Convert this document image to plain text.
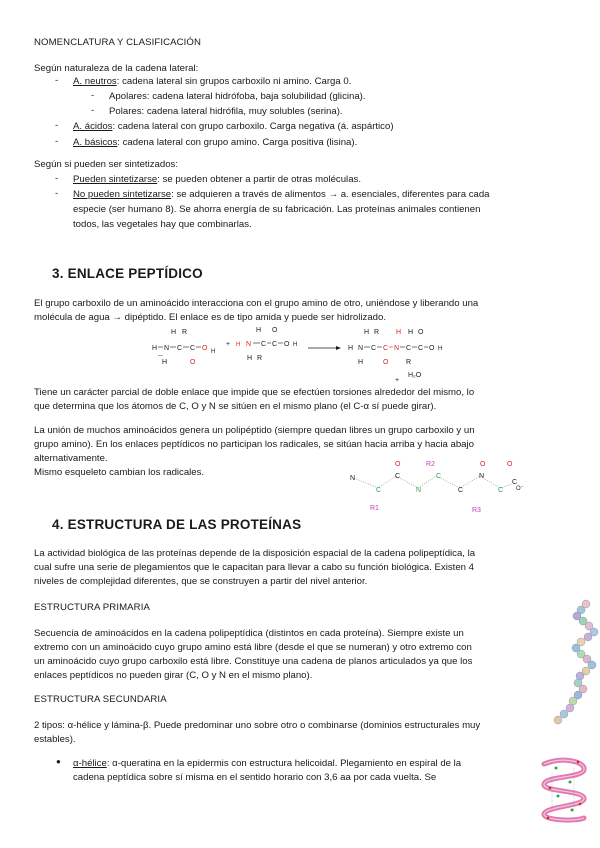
NOMENCLATURA Y CLASIFICACIÓN

Según naturaleza de la cadena lateral:

- A. neutros: cadena lateral sin grupos carboxilo ni amino. Carga 0.

- Apolares: cadena lateral hidrófoba, baja solubilidad (glicina).

- Polares: cadena lateral hidrófila, muy solubles (serina).

- A. ácidos: cadena lateral con grupo carboxilo. Carga negativa (á. aspártico)

- A. básicos: cadena lateral con grupo amino. Carga positiva (lisina).

Según si pueden ser sintetizados:

- Pueden sintetizarse: se pueden obtener a partir de otras moléculas.

- No pueden sintetizarse: se adquieren a través de alimentos → a. esenciales, diferentes para cada

especie (ser humano 8). Se ahorra energía de su fabricación. Las proteínas animales contienen

todos, las vegetales hay que combinarlas.

3. ENLACE PEPTÍDICO

El grupo carboxilo de un aminoácido interacciona con el grupo amino de otro, uniéndose y liberando una

molécula de agua → dipéptido. El enlace es de tipo amida y puede ser hidrolizado.

H
—
N
H
H R
C C
O
O H
+ H N
H
H
R
C
O
C O H	H N
H
H R
C C
O
N
H
C
H
R
C
O
O H
+
H₂O

Tiene un carácter parcial de doble enlace que impide que se efectúen torsiones alrededor del mismo, lo

que determina que los átomos de C, O y N se sitúen en el mismo plano (el C-α sí puede girar).

La unión de muchos aminoácidos genera un polipéptido (siempre quedan libres un grupo carboxilo y un

grupo amino). En los enlaces peptídicos no participan los radicales, se sitúan hacia arriba y hacia abajo

alternativamente.

Mismo esqueleto cambian los radicales.

N
C
C
O
N
C
C
N
O
C
C
O
R1
R2
R3
O⁻

4. ESTRUCTURA DE LAS PROTEÍNAS

La actividad biológica de las proteínas depende de la disposición espacial de la cadena polipeptídica, la

cual sufre una serie de plegamientos que le capacitan para llevar a cabo su función biológica. Existen 4

niveles de complejidad diferentes, que se construyen a partir del nivel anterior.

ESTRUCTURA PRIMARIA

Secuencia de aminoácidos en la cadena polipeptídica (distintos en cada proteína). Siempre existe un

extremo con un aminoácido cuyo grupo amino está libre (desde el que se numeran) y otro extremo con

un aminoácido cuyo grupo carboxilo está libre. Constituye una cadena de planos articulados ya que los

enlaces peptídicos no pueden girar (C, O y N en el mismo plano).

ESTRUCTURA SECUNDARIA

2 tipos: α-hélice y lámina-β. Puede predominar uno sobre otro o combinarse (dominios estructurales muy

estables).

● α-hélice: α-queratina en la epidermis con estructura helicoidal. Plegamiento en espiral de la

cadena peptídica sobre sí misma en el sentido horario con 3,6 aa por cada vuelta. Se
